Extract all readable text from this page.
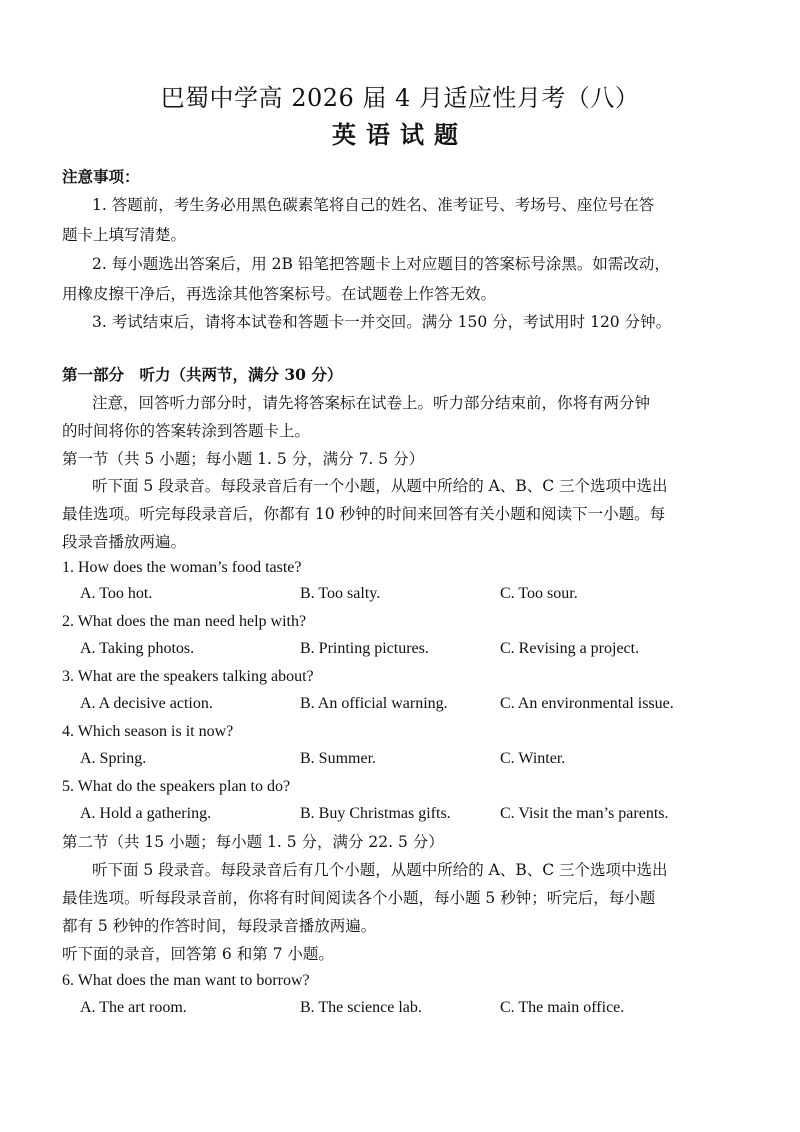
巴蜀中学高 2026 届 4 月适应性月考（八）
英语试题
注意事项：
1. 答题前，考生务必用黑色碳素笔将自己的姓名、准考证号、考场号、座位号在答
题卡上填写清楚。
2. 每小题选出答案后，用 2B 铅笔把答题卡上对应题目的答案标号涂黑。如需改动，
用橡皮擦干净后，再选涂其他答案标号。在试题卷上作答无效。
3. 考试结束后，请将本试卷和答题卡一并交回。满分 150 分，考试用时 120 分钟。
第一部分　听力（共两节，满分 30 分）
注意，回答听力部分时，请先将答案标在试卷上。听力部分结束前，你将有两分钟
的时间将你的答案转涂到答题卡上。
第一节（共 5 小题；每小题 1. 5 分，满分 7. 5 分）
听下面 5 段录音。每段录音后有一个小题，从题中所给的 A、B、C 三个选项中选出
最佳选项。听完每段录音后，你都有 10 秒钟的时间来回答有关小题和阅读下一小题。每
段录音播放两遍。
1. How does the woman’s food taste?
A. Too hot.	B. Too salty.	C. Too sour.
2. What does the man need help with?
A. Taking photos.	B. Printing pictures.	C. Revising a project.
3. What are the speakers talking about?
A. A decisive action.	B. An official warning.	C. An environmental issue.
4. Which season is it now?
A. Spring.	B. Summer.	C. Winter.
5. What do the speakers plan to do?
A. Hold a gathering.	B. Buy Christmas gifts.	C. Visit the man’s parents.
第二节（共 15 小题；每小题 1. 5 分，满分 22. 5 分）
听下面 5 段录音。每段录音后有几个小题，从题中所给的 A、B、C 三个选项中选出
最佳选项。听每段录音前，你将有时间阅读各个小题，每小题 5 秒钟；听完后，每小题
都有 5 秒钟的作答时间，每段录音播放两遍。
听下面的录音，回答第 6 和第 7 小题。
6. What does the man want to borrow?
A. The art room.	B. The science lab.	C. The main office.
